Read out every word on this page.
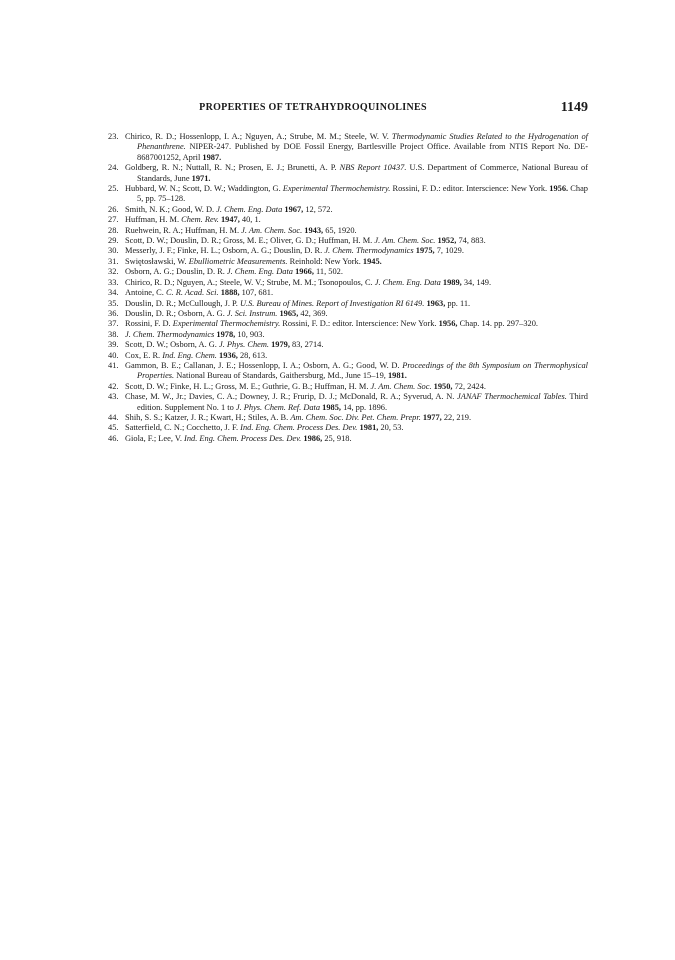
PROPERTIES OF TETRAHYDROQUINOLINES	1149
23. Chirico, R. D.; Hossenlopp, I. A.; Nguyen, A.; Strube, M. M.; Steele, W. V. Thermodynamic Studies Related to the Hydrogenation of Phenanthrene. NIPER-247. Published by DOE Fossil Energy, Bartlesville Project Office. Available from NTIS Report No. DE-8687001252, April 1987.
24. Goldberg, R. N.; Nuttall, R. N.; Prosen, E. J.; Brunetti, A. P. NBS Report 10437. U.S. Department of Commerce, National Bureau of Standards, June 1971.
25. Hubbard, W. N.; Scott, D. W.; Waddington, G. Experimental Thermochemistry. Rossini, F. D.: editor. Interscience: New York. 1956. Chap 5, pp. 75–128.
26. Smith, N. K.; Good, W. D. J. Chem. Eng. Data 1967, 12, 572.
27. Huffman, H. M. Chem. Rev. 1947, 40, 1.
28. Ruehwein, R. A.; Huffman, H. M. J. Am. Chem. Soc. 1943, 65, 1920.
29. Scott, D. W.; Douslin, D. R.; Gross, M. E.; Oliver, G. D.; Huffman, H. M. J. Am. Chem. Soc. 1952, 74, 883.
30. Messerly, J. F.; Finke, H. L.; Osborn, A. G.; Douslin, D. R. J. Chem. Thermodynamics 1975, 7, 1029.
31. Swiętosławski, W. Ebulliometric Measurements. Reinhold: New York. 1945.
32. Osborn, A. G.; Douslin, D. R. J. Chem. Eng. Data 1966, 11, 502.
33. Chirico, R. D.; Nguyen, A.; Steele, W. V.; Strube, M. M.; Tsonopoulos, C. J. Chem. Eng. Data 1989, 34, 149.
34. Antoine, C. C. R. Acad. Sci. 1888, 107, 681.
35. Douslin, D. R.; McCullough, J. P. U.S. Bureau of Mines. Report of Investigation RI 6149. 1963, pp. 11.
36. Douslin, D. R.; Osborn, A. G. J. Sci. Instrum. 1965, 42, 369.
37. Rossini, F. D. Experimental Thermochemistry. Rossini, F. D.: editor. Interscience: New York. 1956, Chap. 14. pp. 297–320.
38. J. Chem. Thermodynamics 1978, 10, 903.
39. Scott, D. W.; Osborn, A. G. J. Phys. Chem. 1979, 83, 2714.
40. Cox, E. R. Ind. Eng. Chem. 1936, 28, 613.
41. Gammon, B. E.; Callanan, J. E.; Hossenlopp, I. A.; Osborn, A. G.; Good, W. D. Proceedings of the 8th Symposium on Thermophysical Properties. National Bureau of Standards, Gaithersburg, Md., June 15–19, 1981.
42. Scott, D. W.; Finke, H. L.; Gross, M. E.; Guthrie, G. B.; Huffman, H. M. J. Am. Chem. Soc. 1950, 72, 2424.
43. Chase, M. W., Jr.; Davies, C. A.; Downey, J. R.; Frurip, D. J.; McDonald, R. A.; Syverud, A. N. JANAF Thermochemical Tables. Third edition. Supplement No. 1 to J. Phys. Chem. Ref. Data 1985, 14, pp. 1896.
44. Shih, S. S.; Katzer, J. R.; Kwart, H.; Stiles, A. B. Am. Chem. Soc. Div. Pet. Chem. Prepr. 1977, 22, 219.
45. Satterfield, C. N.; Cocchetto, J. F. Ind. Eng. Chem. Process Des. Dev. 1981, 20, 53.
46. Giola, F.; Lee, V. Ind. Eng. Chem. Process Des. Dev. 1986, 25, 918.
